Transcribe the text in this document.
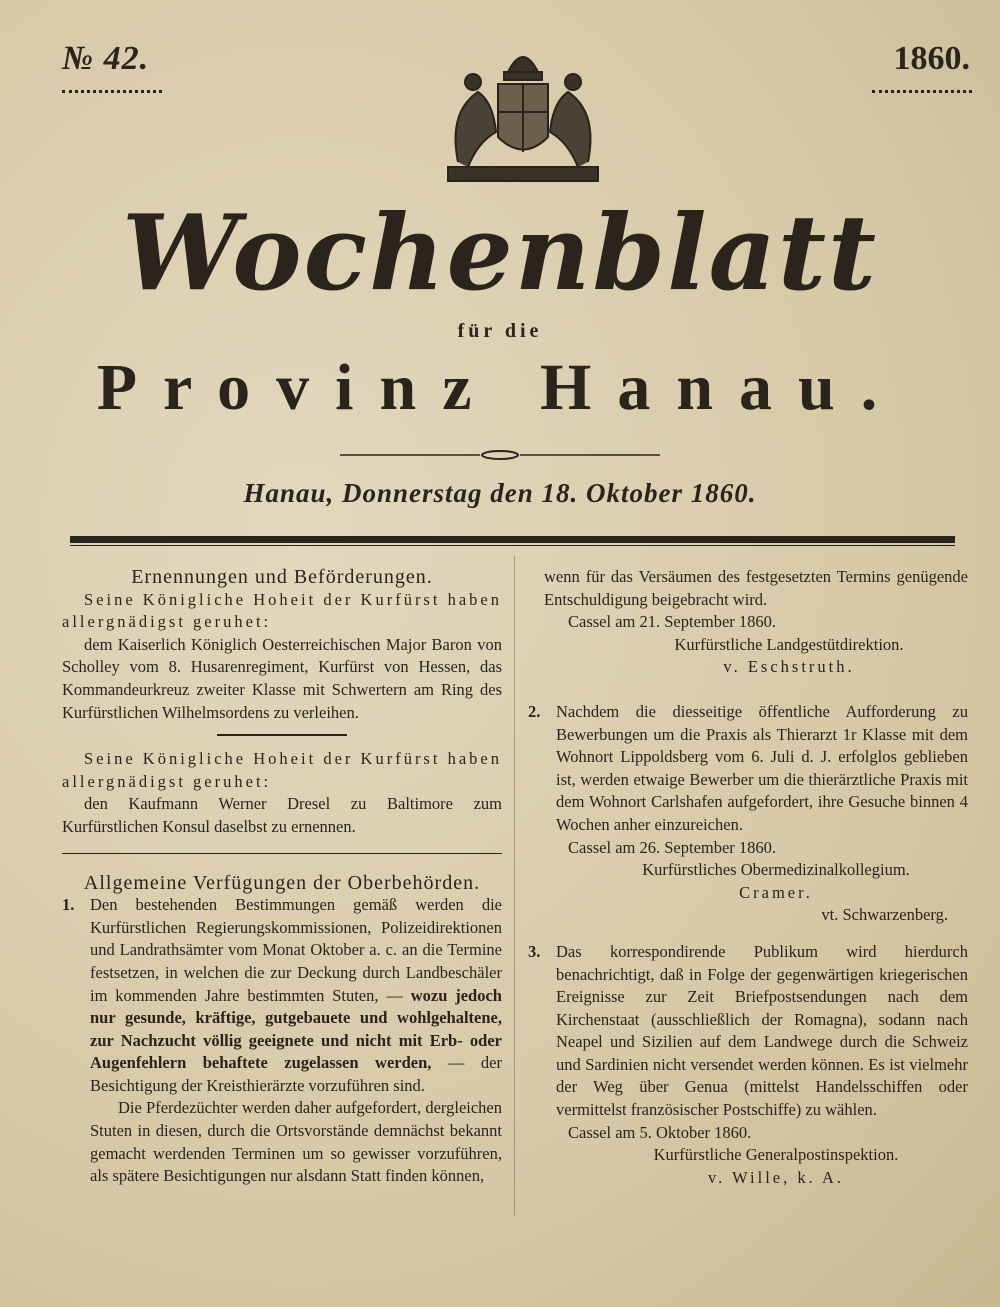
№ 42.	1860.
Wochenblatt
für die
Provinz Hanau.
Hanau, Donnerstag den 18. Oktober 1860.

Ernennungen und Beförderungen.

Seine Königliche Hoheit der Kurfürst haben allergnädigst geruhet:

dem Kaiserlich Königlich Oesterreichischen Major Baron von Scholley vom 8. Husarenregiment, Kurfürst von Hessen, das Kommandeurkreuz zweiter Klasse mit Schwertern am Ring des Kurfürstlichen Wilhelmsordens zu verleihen.

Seine Königliche Hoheit der Kurfürst haben allergnädigst geruhet:

den Kaufmann Werner Dresel zu Baltimore zum Kurfürstlichen Konsul daselbst zu ernennen.

Allgemeine Verfügungen der Oberbehörden.

1. Den bestehenden Bestimmungen gemäß werden die Kurfürstlichen Regierungskommissionen, Polizeidirektionen und Landrathsämter vom Monat Oktober a. c. an die Termine festsetzen, in welchen die zur Deckung durch Landbeschäler im kommenden Jahre bestimmten Stuten, — wozu jedoch nur gesunde, kräftige, gutgebauete und wohlgehaltene, zur Nachzucht völlig geeignete und nicht mit Erb- oder Augenfehlern behaftete zugelassen werden, — der Besichtigung der Kreisthierärzte vorzuführen sind.

Die Pferdezüchter werden daher aufgefordert, dergleichen Stuten in diesen, durch die Ortsvorstände demnächst bekannt gemacht werdenden Terminen um so gewisser vorzuführen, als spätere Besichtigungen nur alsdann Statt finden können,

wenn für das Versäumen des festgesetzten Termins genügende Entschuldigung beigebracht wird.

Cassel am 21. September 1860.

Kurfürstliche Landgestütdirektion.

v. Eschstruth.

2. Nachdem die diesseitige öffentliche Aufforderung zu Bewerbungen um die Praxis als Thierarzt 1r Klasse mit dem Wohnort Lippoldsberg vom 6. Juli d. J. erfolglos geblieben ist, werden etwaige Bewerber um die thierärztliche Praxis mit dem Wohnort Carlshafen aufgefordert, ihre Gesuche binnen 4 Wochen anher einzureichen.

Cassel am 26. September 1860.

Kurfürstliches Obermedizinalkollegium.

Cramer.

vt. Schwarzenberg.

3. Das korrespondirende Publikum wird hierdurch benachrichtigt, daß in Folge der gegenwärtigen kriegerischen Ereignisse zur Zeit Briefpostsendungen nach dem Kirchenstaat (ausschließlich der Romagna), sodann nach Neapel und Sizilien auf dem Landwege durch die Schweiz und Sardinien nicht versendet werden können. Es ist vielmehr der Weg über Genua (mittelst Handelsschiffen oder vermittelst französischer Postschiffe) zu wählen.

Cassel am 5. Oktober 1860.

Kurfürstliche Generalpostinspektion.

v. Wille, k. A.
